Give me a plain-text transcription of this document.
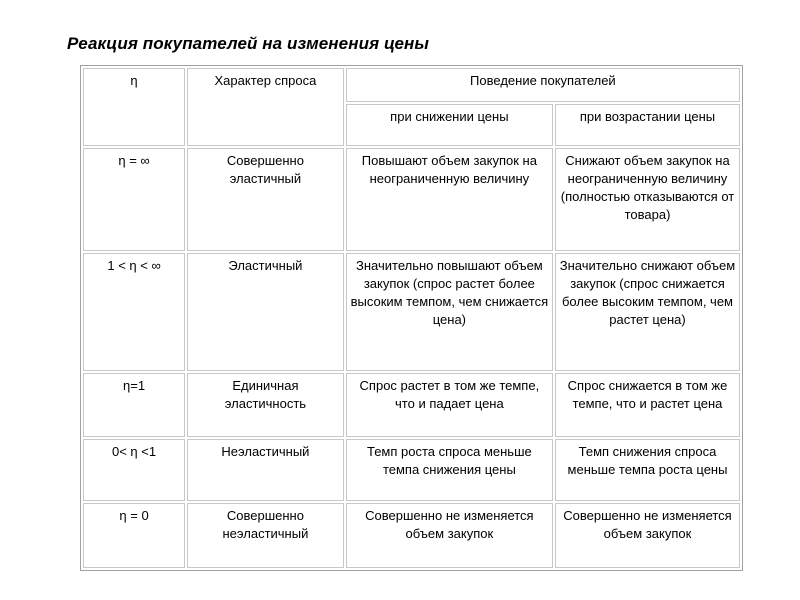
Реакция покупателей на изменения цены
η	Характер спроса	Поведение покупателей	
		при снижении цены	при возрастании цены
η = ∞	Совершенно эластичный	Повышают объем закупок на неограниченную величину	Снижают объем закупок на неограниченную величину (полностью отказываются от товара)
1 < η < ∞	Эластичный	Значительно повышают объем закупок (спрос растет более высоким темпом, чем снижается цена)	Значительно снижают объем закупок (спрос снижается более высоким темпом, чем растет цена)
η=1	Единичная эластичность	Спрос растет в том же темпе, что и падает цена	Спрос снижается в том же темпе, что и растет цена
0< η <1	Неэластичный	Темп роста спроса меньше темпа снижения цены	Темп снижения спроса меньше темпа роста цены
η = 0	Совершенно неэластичный	Совершенно не изменяется объем закупок	Совершенно не изменяется объем закупок
